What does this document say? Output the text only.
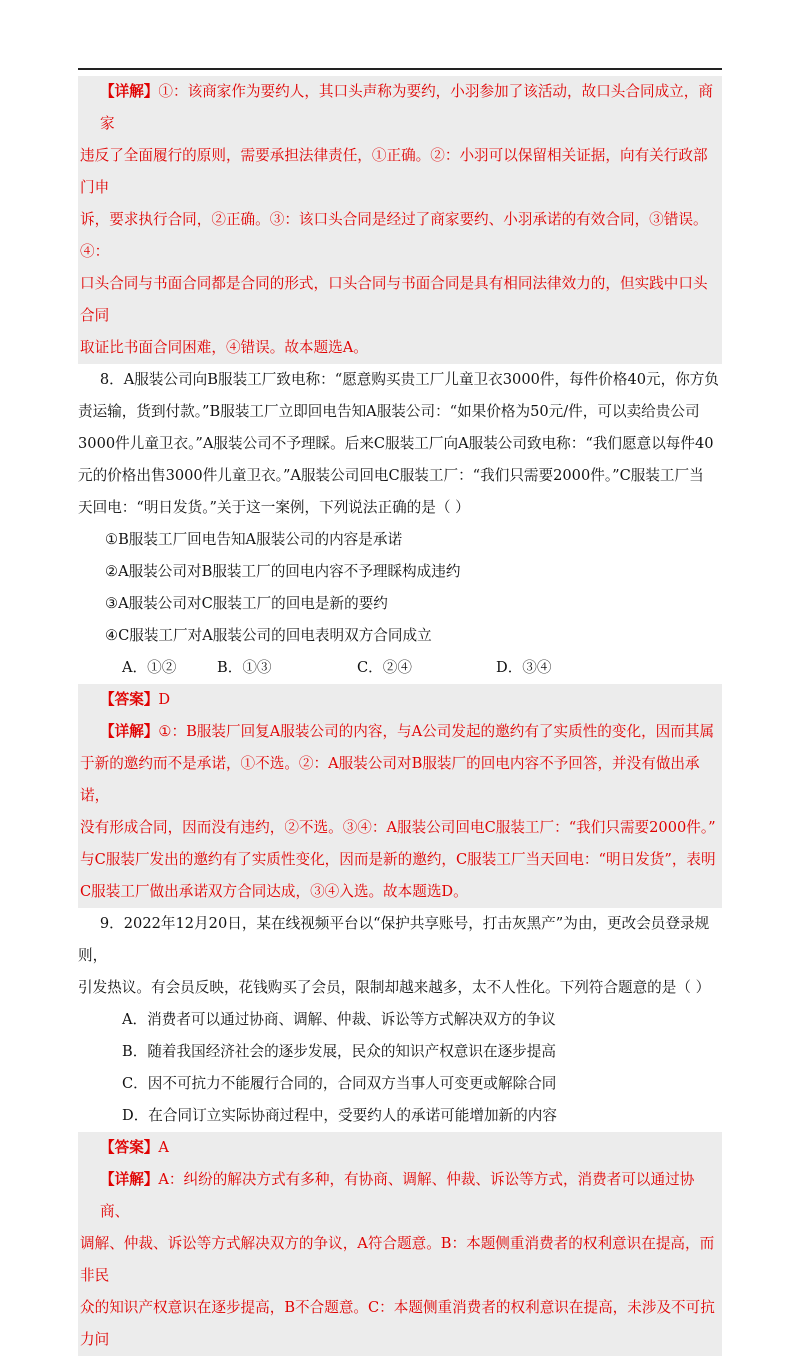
【详解】①：该商家作为要约人，其口头声称为要约，小羽参加了该活动，故口头合同成立，商家
违反了全面履行的原则，需要承担法律责任，①正确。②：小羽可以保留相关证据，向有关行政部门申
诉，要求执行合同，②正确。③：该口头合同是经过了商家要约、小羽承诺的有效合同，③错误。④：
口头合同与书面合同都是合同的形式，口头合同与书面合同是具有相同法律效力的，但实践中口头合同
取证比书面合同困难，④错误。故本题选A。
8．A服装公司向B服装工厂致电称：“愿意购买贵工厂儿童卫衣3000件，每件价格40元，你方负
责运输，货到付款。”B服装工厂立即回电告知A服装公司：“如果价格为50元/件，可以卖给贵公司
3000件儿童卫衣。”A服装公司不予理睬。后来C服装工厂向A服装公司致电称：“我们愿意以每件40
元的价格出售3000件儿童卫衣。”A服装公司回电C服装工厂：“我们只需要2000件。”C服装工厂当
天回电：“明日发货。”关于这一案例，下列说法正确的是（ ）
①B服装工厂回电告知A服装公司的内容是承诺
②A服装公司对B服装工厂的回电内容不予理睬构成违约
③A服装公司对C服装工厂的回电是新的要约
④C服装工厂对A服装公司的回电表明双方合同成立
A．①②	B．①③	C．②④	D．③④
【答案】D
【详解】①：B服装厂回复A服装公司的内容，与A公司发起的邀约有了实质性的变化，因而其属
于新的邀约而不是承诺，①不选。②：A服装公司对B服装厂的回电内容不予回答，并没有做出承诺，
没有形成合同，因而没有违约，②不选。③④：A服装公司回电C服装工厂：“我们只需要2000件。”
与C服装厂发出的邀约有了实质性变化，因而是新的邀约，C服装工厂当天回电：“明日发货”，表明
C服装工厂做出承诺双方合同达成，③④入选。故本题选D。
9．2022年12月20日，某在线视频平台以“保护共享账号，打击灰黑产”为由，更改会员登录规则，
引发热议。有会员反映，花钱购买了会员，限制却越来越多，太不人性化。下列符合题意的是（ ）
A．消费者可以通过协商、调解、仲裁、诉讼等方式解决双方的争议
B．随着我国经济社会的逐步发展，民众的知识产权意识在逐步提高
C．因不可抗力不能履行合同的，合同双方当事人可变更或解除合同
D．在合同订立实际协商过程中，受要约人的承诺可能增加新的内容
【答案】A
【详解】A：纠纷的解决方式有多种，有协商、调解、仲裁、诉讼等方式，消费者可以通过协商、
调解、仲裁、诉讼等方式解决双方的争议，A符合题意。B：本题侧重消费者的权利意识在提高，而非民
众的知识产权意识在逐步提高，B不合题意。C：本题侧重消费者的权利意识在提高，未涉及不可抗力问
